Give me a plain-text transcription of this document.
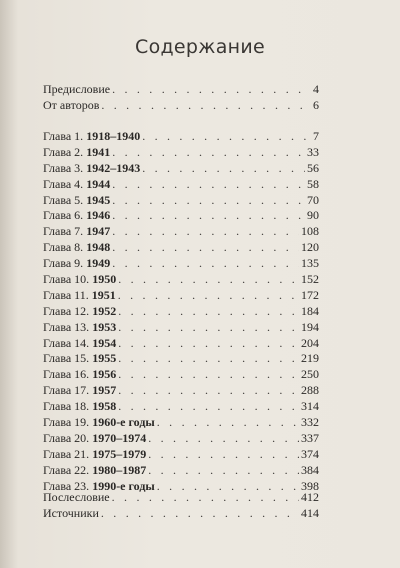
Содержание
Предисловие . . .	4
От авторов . . .	6
Глава 1. 1918–1940 . . .	7
Глава 2. 1941 . . .	33
Глава 3. 1942–1943 . . .	56
Глава 4. 1944 . . .	58
Глава 5. 1945 . . .	70
Глава 6. 1946 . . .	90
Глава 7. 1947 . . .	108
Глава 8. 1948 . . .	120
Глава 9. 1949 . . .	135
Глава 10. 1950 . . .	152
Глава 11. 1951 . . .	172
Глава 12. 1952 . . .	184
Глава 13. 1953 . . .	194
Глава 14. 1954 . . .	204
Глава 15. 1955 . . .	219
Глава 16. 1956 . . .	250
Глава 17. 1957 . . .	288
Глава 18. 1958 . . .	314
Глава 19. 1960-е годы . . .	332
Глава 20. 1970–1974 . . .	337
Глава 21. 1975–1979 . . .	374
Глава 22. 1980–1987 . . .	384
Глава 23. 1990-е годы . . .	398
Послесловие . . .	412
Источники . . .	414
